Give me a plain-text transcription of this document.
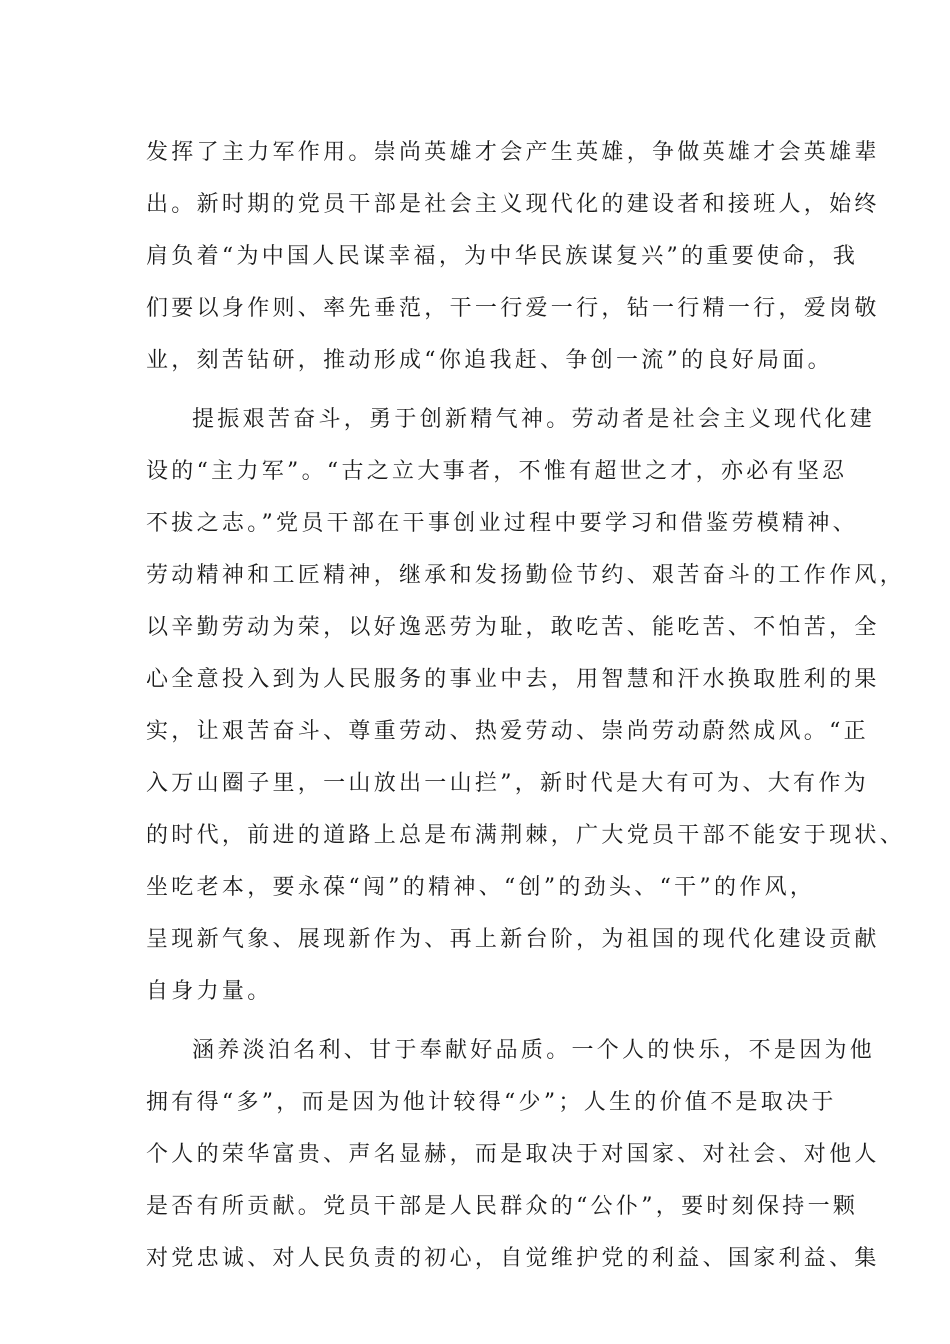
发挥了主力军作用。崇尚英雄才会产生英雄，争做英雄才会英雄辈
出。新时期的党员干部是社会主义现代化的建设者和接班人，始终
肩负着“为中国人民谋幸福，为中华民族谋复兴”的重要使命，我
们要以身作则、率先垂范，干一行爱一行，钻一行精一行，爱岗敬
业，刻苦钻研，推动形成“你追我赶、争创一流”的良好局面。
提振艰苦奋斗，勇于创新精气神。劳动者是社会主义现代化建
设的“主力军”。“古之立大事者，不惟有超世之才，亦必有坚忍
不拔之志。”党员干部在干事创业过程中要学习和借鉴劳模精神、
劳动精神和工匠精神，继承和发扬勤俭节约、艰苦奋斗的工作作风，
以辛勤劳动为荣，以好逸恶劳为耻，敢吃苦、能吃苦、不怕苦，全
心全意投入到为人民服务的事业中去，用智慧和汗水换取胜利的果
实，让艰苦奋斗、尊重劳动、热爱劳动、崇尚劳动蔚然成风。“正
入万山圈子里，一山放出一山拦”，新时代是大有可为、大有作为
的时代，前进的道路上总是布满荆棘，广大党员干部不能安于现状、
坐吃老本，要永葆“闯”的精神、“创”的劲头、“干”的作风，
呈现新气象、展现新作为、再上新台阶，为祖国的现代化建设贡献
自身力量。
涵养淡泊名利、甘于奉献好品质。一个人的快乐，不是因为他
拥有得“多”，而是因为他计较得“少”；人生的价值不是取决于
个人的荣华富贵、声名显赫，而是取决于对国家、对社会、对他人
是否有所贡献。党员干部是人民群众的“公仆”，要时刻保持一颗
对党忠诚、对人民负责的初心，自觉维护党的利益、国家利益、集
